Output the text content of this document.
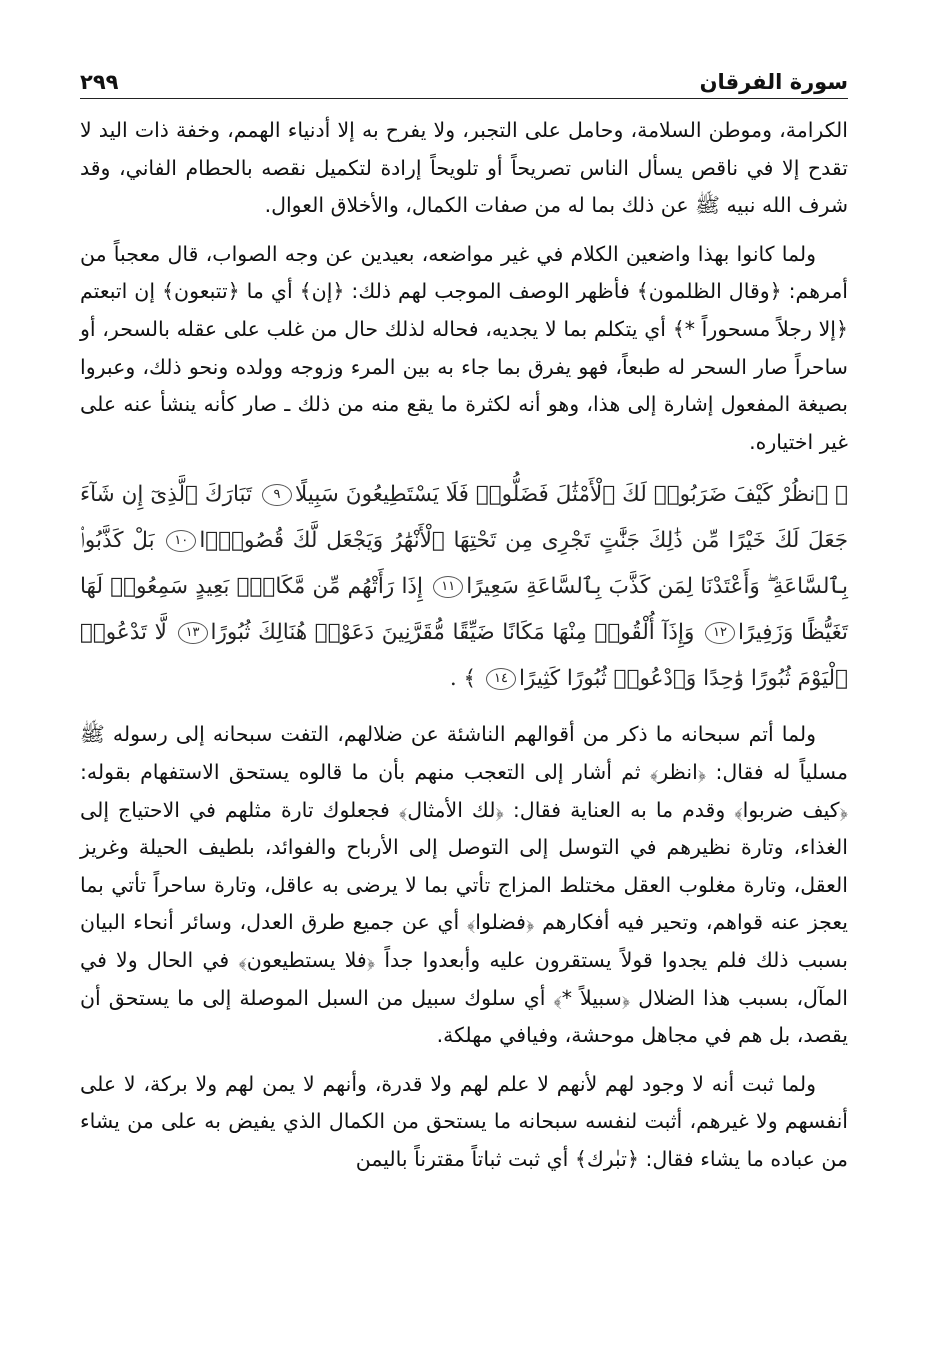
٢٩٩	سورة الفرقان

الكرامة، وموطن السلامة، وحامل على التجبر، ولا يفرح به إلا أدنياء الهمم، وخفة ذات اليد لا تقدح إلا في ناقص يسأل الناس تصريحاً أو تلويحاً إرادة لتكميل نقصه بالحطام الفاني، وقد شرف الله نبيه ﷺ عن ذلك بما له من صفات الكمال، والأخلاق العوال.

ولما كانوا بهذا واضعين الكلام في غير مواضعه، بعيدين عن وجه الصواب، قال معجباً من أمرهم: ﴿وقال الظلمون﴾ فأظهر الوصف الموجب لهم ذلك: ﴿إن﴾ أي ما ﴿تتبعون﴾ إن اتبعتم ﴿إلا رجلاً مسحوراً *﴾ أي يتكلم بما لا يجديه، فحاله لذلك حال من غلب على عقله بالسحر، أو ساحراً صار السحر له طبعاً، فهو يفرق بما جاء به بين المرء وزوجه وولده ونحو ذلك، وعبروا بصيغة المفعول إشارة إلى هذا، وهو أنه لكثرة ما يقع منه من ذلك ـ صار كأنه ينشأ عنه على غير اختياره.

﴿ ٱنظُرْ كَيْفَ ضَرَبُوا۟ لَكَ ٱلْأَمْثَٰلَ فَضَلُّوا۟ فَلَا يَسْتَطِيعُونَ سَبِيلًا٩ تَبَارَكَ ٱلَّذِىٓ إِن شَآءَ جَعَلَ لَكَ خَيْرًا مِّن ذَٰلِكَ جَنَّٰتٍ تَجْرِى مِن تَحْتِهَا ٱلْأَنْهَٰرُ وَيَجْعَل لَّكَ قُصُورًۢا١٠ بَلْ كَذَّبُوا۟ بِٱلسَّاعَةِ ۖ وَأَعْتَدْنَا لِمَن كَذَّبَ بِٱلسَّاعَةِ سَعِيرًا١١ إِذَا رَأَتْهُم مِّن مَّكَانٍۭ بَعِيدٍ سَمِعُوا۟ لَهَا تَغَيُّظًا وَزَفِيرًا١٢ وَإِذَآ أُلْقُوا۟ مِنْهَا مَكَانًا ضَيِّقًا مُّقَرَّنِينَ دَعَوْا۟ هُنَالِكَ ثُبُورًا١٣ لَّا تَدْعُوا۟ ٱلْيَوْمَ ثُبُورًا وَٰحِدًا وَٱدْعُوا۟ ثُبُورًا كَثِيرًا١٤ ﴾ .

ولما أتم سبحانه ما ذكر من أقوالهم الناشئة عن ضلالهم، التفت سبحانه إلى رسوله ﷺ مسلياً له فقال: ﴿انظر﴾ ثم أشار إلى التعجب منهم بأن ما قالوه يستحق الاستفهام بقوله: ﴿كيف ضربوا﴾ وقدم ما به العناية فقال: ﴿لك الأمثال﴾ فجعلوك تارة مثلهم في الاحتياج إلى الغذاء، وتارة نظيرهم في التوسل إلى التوصل إلى الأرباح والفوائد، بلطيف الحيلة وغريز العقل، وتارة مغلوب العقل مختلط المزاج تأتي بما لا يرضى به عاقل، وتارة ساحراً تأتي بما يعجز عنه قواهم، وتحير فيه أفكارهم ﴿فضلوا﴾ أي عن جميع طرق العدل، وسائر أنحاء البيان بسبب ذلك فلم يجدوا قولاً يستقرون عليه وأبعدوا جداً ﴿فلا يستطيعون﴾ في الحال ولا في المآل، بسبب هذا الضلال ﴿سبيلاً *﴾ أي سلوك سبيل من السبل الموصلة إلى ما يستحق أن يقصد، بل هم في مجاهل موحشة، وفيافي مهلكة.

ولما ثبت أنه لا وجود لهم لأنهم لا علم لهم ولا قدرة، وأنهم لا يمن لهم ولا بركة، لا على أنفسهم ولا غيرهم، أثبت لنفسه سبحانه ما يستحق من الكمال الذي يفيض به على من يشاء من عباده ما يشاء فقال: ﴿تبٰرك﴾ أي ثبت ثباتاً مقترناً باليمن
